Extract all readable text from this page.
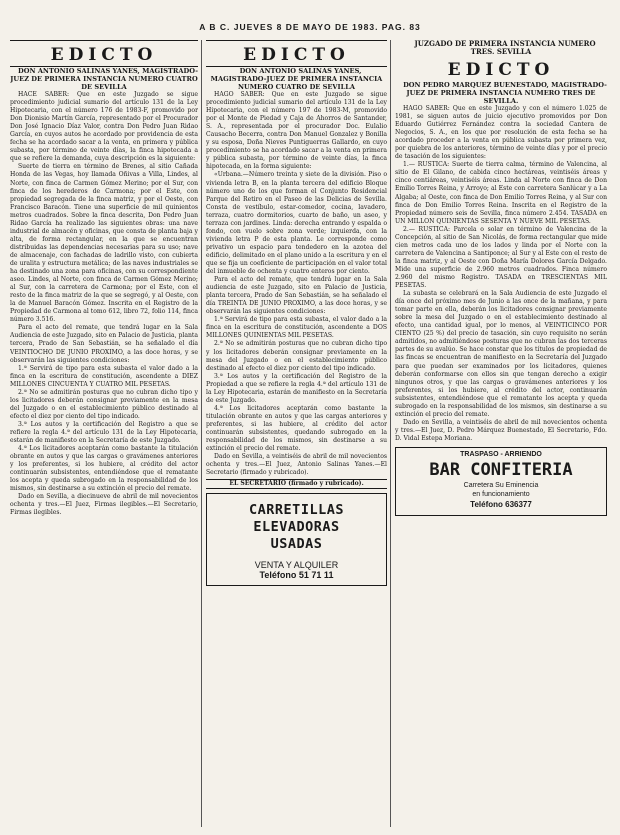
A B C. JUEVES 8 DE MAYO DE 1983. PAG. 83
EDICTO

DON ANTONIO SALINAS YANES, MAGISTRADO-JUEZ DE PRIMERA INSTANCIA NUMERO CUATRO DE SEVILLA

HACE SABER: Que en este Juzgado se sigue procedimiento judicial sumario del artículo 131 de la Ley Hipotecaria, con el número 176 de 1983-F, promovido por Don Dionisio Martín García, representado por el Procurador Don José Ignacio Díaz Valor, contra Don Pedro Juan Ridao García, en cuyos autos he acordado por providencia de esta fecha se ha acordado sacar a la venta, en primera y pública subasta, por término de veinte días, la finca hipotecada a que se refiere la demanda, cuya descripción es la siguiente:

Suerte de tierra en término de Brenes, al sitio Cañada Honda de las Vegas, hoy llamada Oñivas a Villa, Lindes, al Norte, con finca de Carmen Gómez Merino; por el Sur, con finca de los herederos de Carmona; por el Este, con propiedad segregada de la finca matriz, y por el Oeste, con Francisco Baracón. Tiene una superficie de mil quinientos metros cuadrados. Sobre la finca descrita, Don Pedro Juan Ridao García ha realizado las siguientes obras: una nave industrial de almacén y oficinas, que consta de planta baja y alta, de forma rectangular, en la que se encuentran distribuidas las dependencias necesarias para su uso; nave de almacenaje, con fachadas de ladrillo visto, con cubierta de uralita y estructura metálica; de las naves industriales se ha destinado una zona para oficinas, con su correspondiente aseo. Lindes, al Norte, con finca de Carmen Gómez Merino; al Sur, con la carretera de Carmona; por el Este, con el resto de la finca matriz de la que se segregó, y al Oeste, con la de Manuel Baracón Gómez. Inscrita en el Registro de la Propiedad de Carmona al tomo 612, libro 72, folio 114, finca número 3.516.

Para el acto del remate, que tendrá lugar en la Sala Audiencia de este Juzgado, sito en Palacio de Justicia, planta tercera, Prado de San Sebastián, se ha señalado el día VEINTIOCHO DE JUNIO PROXIMO, a las doce horas, y se observarán las siguientes condiciones:

1.ª Servirá de tipo para esta subasta el valor dado a la finca en la escritura de constitución, ascendente a DIEZ MILLONES CINCUENTA Y CUATRO MIL PESETAS.

2.ª No se admitirán posturas que no cubran dicho tipo y los licitadores deberán consignar previamente en la mesa del Juzgado o en el establecimiento público destinado al efecto el diez por ciento del tipo indicado.

3.ª Los autos y la certificación del Registro a que se refiere la regla 4.ª del artículo 131 de la Ley Hipotecaria, estarán de manifiesto en la Secretaría de este Juzgado.

4.ª Los licitadores aceptarán como bastante la titulación obrante en autos y que las cargas o gravámenes anteriores y los preferentes, si los hubiere, al crédito del actor continuarán subsistentes, entendiéndose que el rematante los acepta y queda subrogado en la responsabilidad de los mismos, sin destinarse a su extinción el precio del remate.

Dado en Sevilla, a diecinueve de abril de mil novecientos ochenta y tres.—El Juez, Firmas ilegibles.—El Secretario, Firmas ilegibles.

EDICTO

DON ANTONIO SALINAS YANES, MAGISTRADO-JUEZ DE PRIMERA INSTANCIA NUMERO CUATRO DE SEVILLA

HAGO SABER: Que en este Juzgado se sigue procedimiento judicial sumario del artículo 131 de la Ley Hipotecaria, con el número 197 de 1983-M, promovido por el Monte de Piedad y Caja de Ahorros de Santander, S. A., representada por el procurador Doc. Eulalio Causacho Becerra, contra Don Manuel Gonzalez y Bonilla y su esposa, Doña Nieves Puntiguerras Gallardo, en cuyo procedimiento se ha acordado sacar a la venta en primera y pública subasta, por término de veinte días, la finca hipotecada, en la forma siguiente:

«Urbana.—Número treinta y siete de la división. Piso o vivienda letra B, en la planta tercera del edificio Bloque número uno de los que forman el Conjunto Residencial Parque del Retiro en el Paseo de las Delicias de Sevilla. Consta de vestíbulo, estar-comedor, cocina, lavadero, terraza, cuatro dormitorios, cuarto de baño, un aseo, y terraza con jardines. Linda: derecha entrando y espalda o fondo, con vuelo sobre zona verde; izquierda, con la vivienda letra P de esta planta. Le corresponde como privativo un espacio para tendedero en la azotea del edificio, delimitado en el plano unido a la escritura y en el que se fija un coeficiente de participación en el valor total del inmueble de ochenta y cuatro enteros por ciento.

Para el acto del remate, que tendrá lugar en la Sala audiencia de este Juzgado, sito en Palacio de Justicia, planta tercera, Prado de San Sebastián, se ha señalado el día TREINTA DE JUNIO PROXIMO, a las doce horas, y se observarán las siguientes condiciones:

1.ª Servirá de tipo para esta subasta, el valor dado a la finca en la escritura de constitución, ascendente a DOS MILLONES QUINIENTAS MIL PESETAS.

2.ª No se admitirán posturas que no cubran dicho tipo y los licitadores deberán consignar previamente en la mesa del Juzgado o en el establecimiento público destinado al efecto el diez por ciento del tipo indicado.

3.ª Los autos y la certificación del Registro de la Propiedad a que se refiere la regla 4.ª del artículo 131 de la Ley Hipotecaria, estarán de manifiesto en la Secretaría de este Juzgado.

4.ª Los licitadores aceptarán como bastante la titulación obrante en autos y que las cargas anteriores y preferentes, si las hubiere, al crédito del actor continuarán subsistentes, quedando subrogado en la responsabilidad de los mismos, sin destinarse a su extinción el precio del remate.

Dado en Sevilla, a veintiséis de abril de mil novecientos ochenta y tres.—El Juez, Antonio Salinas Yanes.—El Secretario (firmado y rubricado).

EL SECRETARIO (firmado y rubricado).
CARRETILLAS ELEVADORAS
USADAS
VENTA Y ALQUILER
Teléfono 51 71 11

JUZGADO DE PRIMERA INSTANCIA NUMERO TRES. SEVILLA

EDICTO

DON PEDRO MARQUEZ BUENESTADO, MAGISTRADO-JUEZ DE PRIMERA INSTANCIA NUMERO TRES DE SEVILLA.

HAGO SABER: Que en este Juzgado y con el número 1.025 de 1981, se siguen autos de juicio ejecutivo promovidos por Don Eduardo Gutiérrez Fernández contra la sociedad Cantera de Negocios, S. A., en los que por resolución de esta fecha se ha acordado proceder a la venta en pública subasta por primera vez, por quiebra de los anteriores, término de veinte días y por el precio de tasación de los siguientes:

1.— RUSTICA: Suerte de tierra calma, término de Valencina, al sitio de El Gilano, de cabida cinco hectáreas, veintiséis áreas y cinco centiáreas, veintiséis áreas. Linda al Norte con finca de Don Emilio Torres Reina, y Arroyo; al Este con carretera Sanlúcar y a La Algaba; al Oeste, con finca de Don Emilio Torres Reina, y al Sur con finca de Don Emilio Torres Reina. Inscrita en el Registro de la Propiedad número seis de Sevilla, finca número 2.454. TASADA en UN MILLON QUINIENTAS SESENTA Y NUEVE MIL PESETAS.

2.— RUSTICA: Parcela o solar en término de Valencina de la Concepción, al sitio de San Nicolás, de forma rectangular que mide cien metros cada uno de los lados y linda por el Norte con la carretera de Valencina a Santiponce; al Sur y al Este con el resto de la finca matriz, y al Oeste con Doña María Dolores García Delgado. Mide una superficie de 2.960 metros cuadrados. Finca número 2.960 del mismo Registro. TASADA en TRESCIENTAS MIL PESETAS.

La subasta se celebrará en la Sala Audiencia de este Juzgado el día once del próximo mes de Junio a las once de la mañana, y para tomar parte en ella, deberán los licitadores consignar previamente sobre la mesa del Juzgado o en el establecimiento destinado al efecto, una cantidad igual, por lo menos, al VEINTICINCO POR CIENTO (25 %) del precio de tasación, sin cuyo requisito no serán admitidos, no admitiéndose posturas que no cubran las dos terceras partes de su avalúo. Se hace constar que los títulos de propiedad de las fincas se encuentran de manifiesto en la Secretaría del Juzgado para que puedan ser examinados por los licitadores, quienes deberán conformarse con ellos sin que tengan derecho a exigir ningunos otros, y que las cargas o gravámenes anteriores y los preferentes, si los hubiere, al crédito del actor, continuarán subsistentes, entendiéndose que el rematante los acepta y queda subrogado en la responsabilidad de los mismos, sin destinarse a su extinción el precio del remate.

Dado en Sevilla, a veintiséis de abril de mil novecientos ochenta y tres.—El Juez, D. Pedro Márquez Buenestado, El Secretario, Fdo. D. Vidal Estepa Moriana.

TRASPASO - ARRIENDO
BAR CONFITERIA
Carretera Su Eminencia
en funcionamiento
Teléfono 636377
